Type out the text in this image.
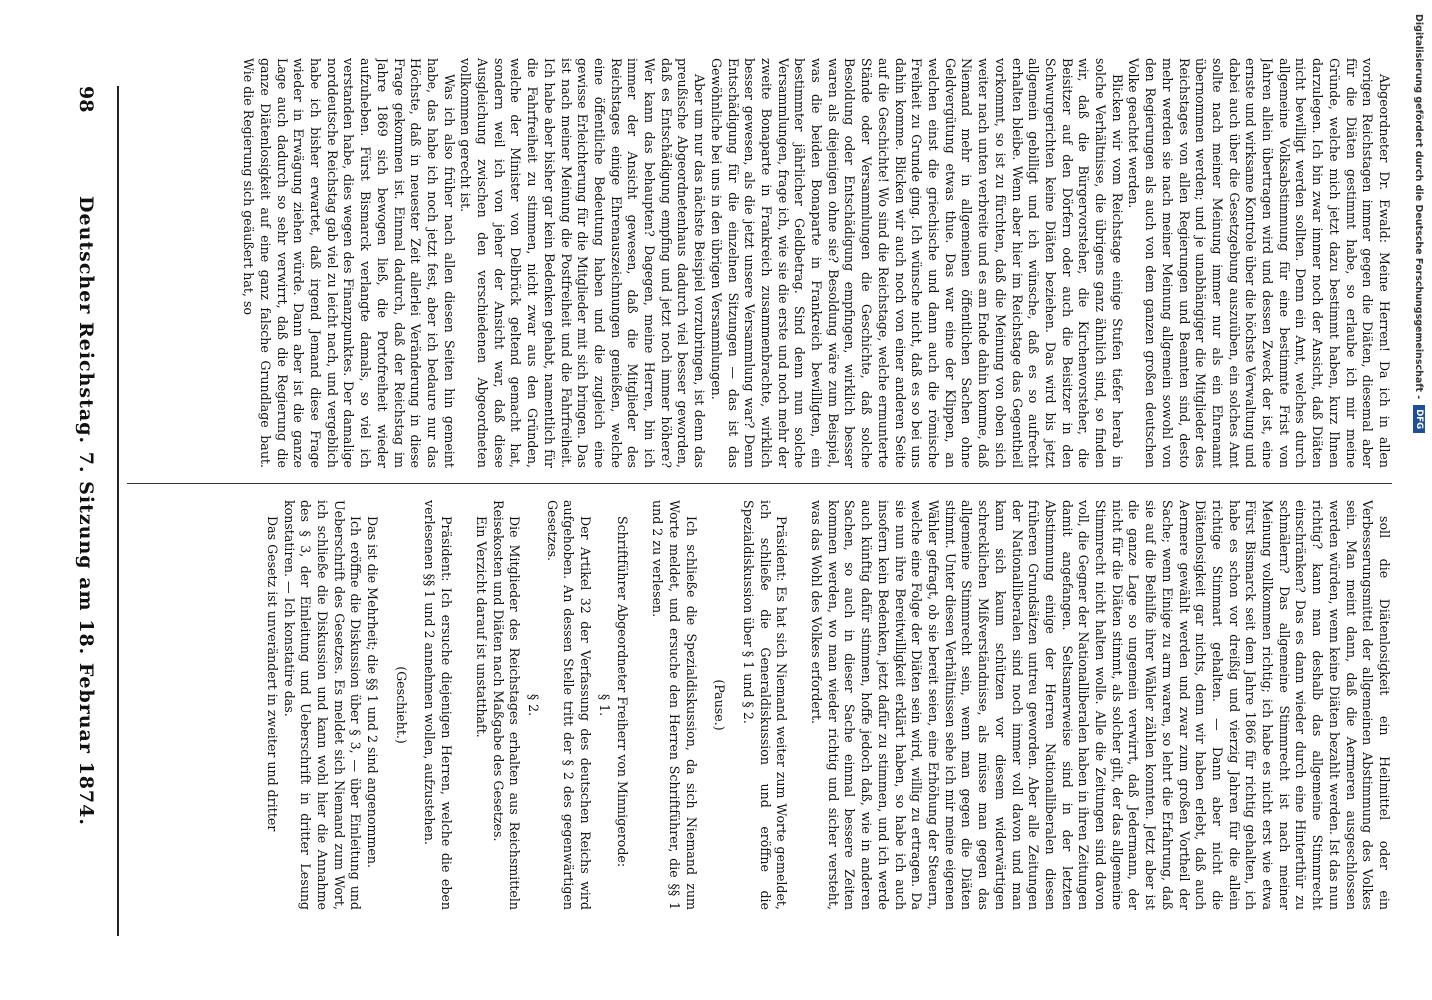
Abgeordneter Dr. Ewald: Meine Herren! Da ich in allen vorigen Reichstagen immer gegen die Diäten, diesemal aber für die Diäten gestimmt habe, so erlaube ich mir meine Gründe, welche mich jetzt dazu bestimmt haben, kurz Ihnen darzulegen. Ich bin zwar immer noch der Ansicht, daß Diäten nicht bewilligt werden sollten. Denn ein Amt, welches durch allgemeine Volksabstimmung für eine bestimmte Frist von Jahren allein übertragen wird und dessen Zweck der ist, eine ernste und wirksame Kontrole über die höchste Verwaltung und dabei auch über die Gesetzgebung auszuüben, ein solches Amt sollte nach meiner Meinung immer nur als ein Ehrenamt übernommen werden; und je unabhängiger die Mitglieder des Reichstages von allen Regierungen und Beamten sind, desto mehr werden sie nach meiner Meinung allgemein sowohl von den Regierungen als auch von dem ganzen großen deutschen Volke geachtet werden.

Blicken wir vom Reichstage einige Stufen tiefer herab in solche Verhältnisse, die übrigens ganz ähnlich sind, so finden wir, daß die Bürgervorsteher, die Kirchenvorsteher, die Beisitzer auf den Dörfern oder auch die Beisitzer in den Schwurgerichten keine Diäten beziehen. Das wird bis jetzt allgemein gebilligt und ich wünsche, daß es so aufrecht erhalten bleibe. Wenn aber hier im Reichstage das Gegentheil vorkommt, so ist zu fürchten, daß die Meinung von oben sich weiter nach unten verbreite und es am Ende dahin komme, daß Niemand mehr in allgemeinen öffentlichen Sachen ohne Geldvergütung etwas thue. Das war eine der Klippen, an welchen einst die griechische und dann auch die römische Freiheit zu Grunde ging. Ich wünsche nicht, daß es so bei uns dahin komme. Blicken wir auch noch von einer anderen Seite auf die Geschichte! Wo sind die Reichstage, welche ermunterte Stände oder Versammlungen die Geschichte, daß solche Besoldung oder Entschädigung empfingen, wirklich besser waren als diejenigen ohne sie? Besoldung wäre zum Beispiel, was die beiden Bonaparte in Frankreich bewilligten, ein bestimmter jährlicher Geldbetrag. Sind denn nun solche Versammlungen, frage ich, wie sie die erste und noch mehr der zweite Bonaparte in Frankreich zusammenbrachte, wirklich besser gewesen, als die jetzt unsere Versammlung war? Denn Entschädigung für die einzelnen Sitzungen — das ist das Gewöhnliche bei uns in den übrigen Versammlungen.

Aber um nur das nächste Beispiel vorzubringen, ist denn das preußische Abgeordnetenhaus dadurch viel besser geworden, daß es Entschädigung empfing und jetzt noch immer höhere? Wer kann das behaupten? Dagegen, meine Herren, bin ich immer der Ansicht gewesen, daß die Mitglieder des Reichstages einige Ehrenauszeichnungen genießen, welche eine öffentliche Bedeutung haben und die zugleich eine gewisse Erleichterung für die Mitglieder mit sich bringen. Das ist nach meiner Meinung die Postfreiheit und die Fahrfreiheit. Ich habe aber bisher gar kein Bedenken gehabt, namentlich für die Fahrfreiheit zu stimmen, nicht zwar aus den Gründen, welche der Minister von Delbrück geltend gemacht hat, sondern weil ich von jeher der Ansicht war, daß diese Ausgleichung zwischen den verschiedenen Abgeordneten vollkommen gerecht ist.

Was ich also früher nach allen diesen Seiten hin gemeint habe, das habe ich noch jetzt fest, aber ich bedaure nur das Höchste, daß in neuester Zeit allerlei Veränderung in diese Frage gekommen ist. Einmal dadurch, daß der Reichstag im Jahre 1869 sich bewogen ließ, die Portofreiheit wieder aufzuheben. Fürst Bismarck verlangte damals, so viel ich verstanden habe, dies wegen des Finanzpunktes. Der damalige norddeutsche Reichstag gab viel zu leicht nach, und vergeblich habe ich bisher erwartet, daß irgend Jemand diese Frage wieder in Erwägung ziehen würde. Dann aber ist die ganze Lage auch dadurch so sehr verwirrt, daß die Regierung die ganze Diätenlosigkeit auf eine ganz falsche Grundlage baut. Wie die Regierung sich geäußert hat, so

soll die Diätenlosigkeit ein Heilmittel oder ein Verbesserungsmittel der allgemeinen Abstimmung des Volkes sein. Man meint dann, daß die Aermeren ausgeschlossen werden würden, wenn keine Diäten bezahlt werden. Ist das nun richtig? kann man deshalb das allgemeine Stimmrecht einschränken? Das es dann wieder durch eine Hinterthür zu schmälern? Das allgemeine Stimmrecht ist nach meiner Meinung vollkommen richtig; ich habe es nicht erst wie etwa Fürst Bismarck seit dem Jahre 1866 für richtig gehalten, ich habe es schon vor dreißig und vierzig Jahren für die allein richtige Stimmart gehalten. — Dann aber nicht die Diätenlosigkeit gar nichts, denn wir haben erlebt, daß auch Aermere gewählt werden und zwar zum großen Vortheil der Sache; wenn Einige zu arm waren, so lehrt die Erfahrung, daß sie auf die Beihilfe ihrer Wähler zählen konnten. Jetzt aber ist die ganze Lage so ungemein verwirrt, daß Jedermann, der nicht für die Diäten stimmt, als solcher gilt, der das allgemeine Stimmrecht nicht halten wolle. Alle die Zeitungen sind davon voll, die Gegner der Nationalliberalen haben in ihren Zeitungen damit angefangen. Seltsamerweise sind in der letzten Abstimmung einige der Herren Nationalliberalen diesen früheren Grundsätzen untreu geworden. Aber alle Zeitungen der Nationalliberalen sind noch immer voll davon und man kann sich kaum schützen vor diesem widerwärtigen schrecklichen Mißverständnisse, als müsse man gegen das allgemeine Stimmrecht sein, wenn man gegen die Diäten stimmt. Unter diesen Verhältnissen sehe ich mir meine eigenen Wähler gefragt, ob sie bereit seien, eine Erhöhung der Steuern, welche eine Folge der Diäten sein wird, willig zu ertragen. Da sie nun ihre Bereitwilligkeit erklärt haben, so habe ich auch insofern kein Bedenken, jetzt dafür zu stimmen, und ich werde auch künftig dafür stimmen, hoffe jedoch daß, wie in anderen Sachen, so auch in dieser Sache einmal bessere Zeiten kommen werden, wo man wieder richtig und sicher versteht, was das Wohl des Volkes erfordert.

Präsident: Es hat sich Niemand weiter zum Worte gemeldet, ich schließe die Generaldiskussion und eröffne die Spezialdiskussion über § 1 und § 2.

(Pause.)

Ich schließe die Spezialdiskussion, da sich Niemand zum Worte meldet, und ersuche den Herren Schriftführer, die §§ 1 und 2 zu verlesen.

Schriftführer Abgeordneter Freiherr von Minnigerode:

§ 1.

Der Artikel 32 der Verfassung des deutschen Reichs wird aufgehoben. An dessen Stelle tritt der § 2 des gegenwärtigen Gesetzes.

§ 2.

Die Mitglieder des Reichstages erhalten aus Reichsmitteln Reisekosten und Diäten nach Maßgabe des Gesetzes.

Ein Verzicht darauf ist unstatthaft.

Präsident: Ich ersuche diejenigen Herren, welche die eben verlesenen §§ 1 und 2 annehmen wollen, aufzustehen.

(Geschieht.)

Das ist die Mehrheit; die §§ 1 und 2 sind angenommen.

Ich eröffne die Diskussion über § 3, — über Einleitung und Ueberschrift des Gesetzes. Es meldet sich Niemand zum Wort, ich schließe die Diskussion und kann wohl hier die Annahme des § 3, der Einleitung und Ueberschrift in dritter Lesung konstatiren. — Ich konstatire das.

Das Gesetz ist unverändert in zweiter und dritter

98
Deutscher Reichstag. 7. Sitzung am 18. Februar 1874.	Digitalisierung gefördert durch die Deutsche Forschungsgemeinschaft -
DFG
